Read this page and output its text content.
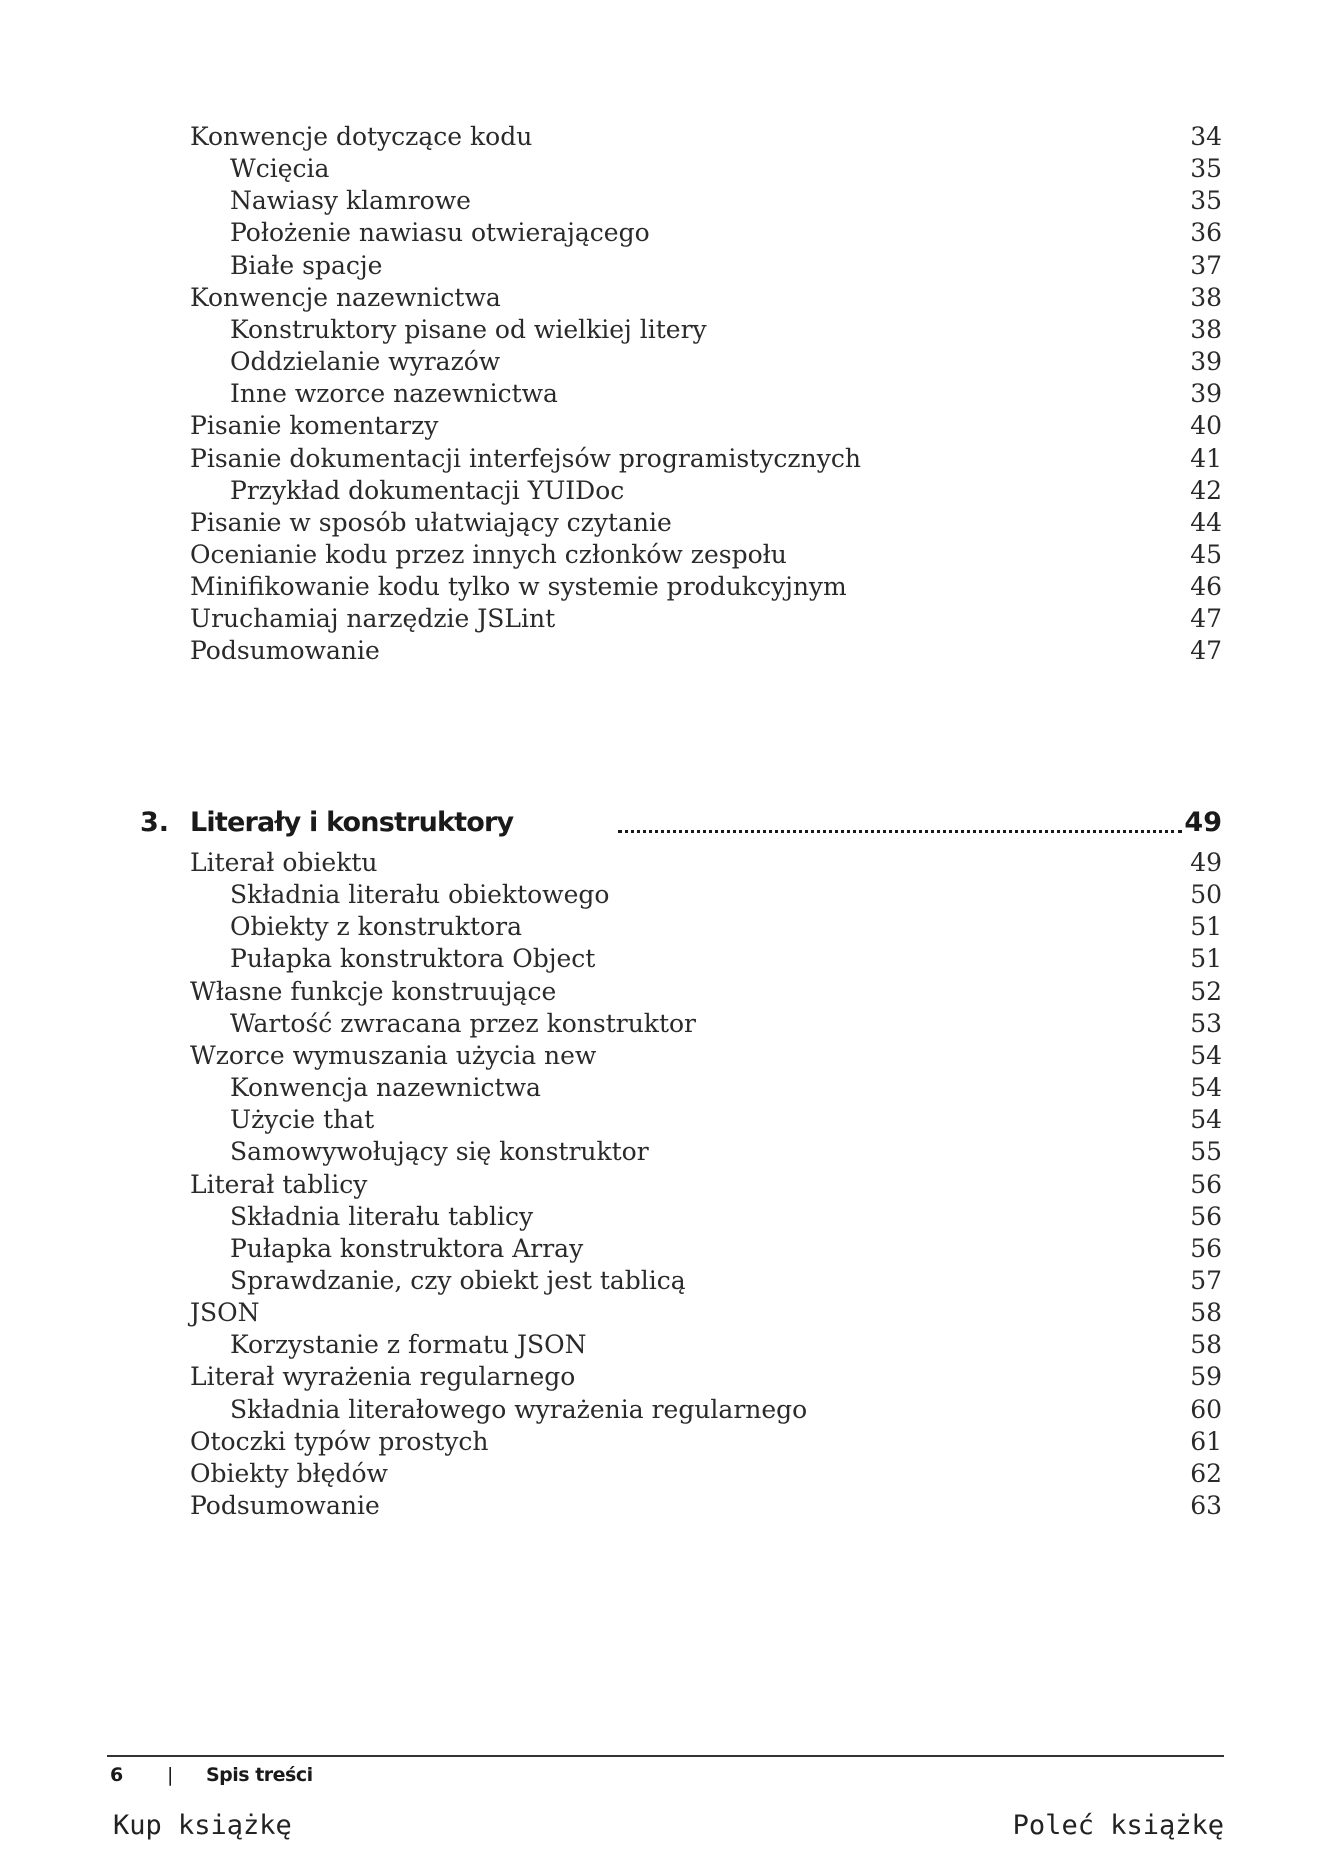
Konwencje dotyczące kodu	34
Wcięcia	35
Nawiasy klamrowe	35
Położenie nawiasu otwierającego	36
Białe spacje	37
Konwencje nazewnictwa	38
Konstruktory pisane od wielkiej litery	38
Oddzielanie wyrazów	39
Inne wzorce nazewnictwa	39
Pisanie komentarzy	40
Pisanie dokumentacji interfejsów programistycznych	41
Przykład dokumentacji YUIDoc	42
Pisanie w sposób ułatwiający czytanie	44
Ocenianie kodu przez innych członków zespołu	45
Minifikowanie kodu tylko w systemie produkcyjnym	46
Uruchamiaj narzędzie JSLint	47
Podsumowanie	47
3. Literały i konstruktory	49
Literał obiektu	49
Składnia literału obiektowego	50
Obiekty z konstruktora	51
Pułapka konstruktora Object	51
Własne funkcje konstruujące	52
Wartość zwracana przez konstruktor	53
Wzorce wymuszania użycia new	54
Konwencja nazewnictwa	54
Użycie that	54
Samowywołujący się konstruktor	55
Literał tablicy	56
Składnia literału tablicy	56
Pułapka konstruktora Array	56
Sprawdzanie, czy obiekt jest tablicą	57
JSON	58
Korzystanie z formatu JSON	58
Literał wyrażenia regularnego	59
Składnia literałowego wyrażenia regularnego	60
Otoczki typów prostych	61
Obiekty błędów	62
Podsumowanie	63
6 | Spis treści
Kup książkę	Poleć książkę
